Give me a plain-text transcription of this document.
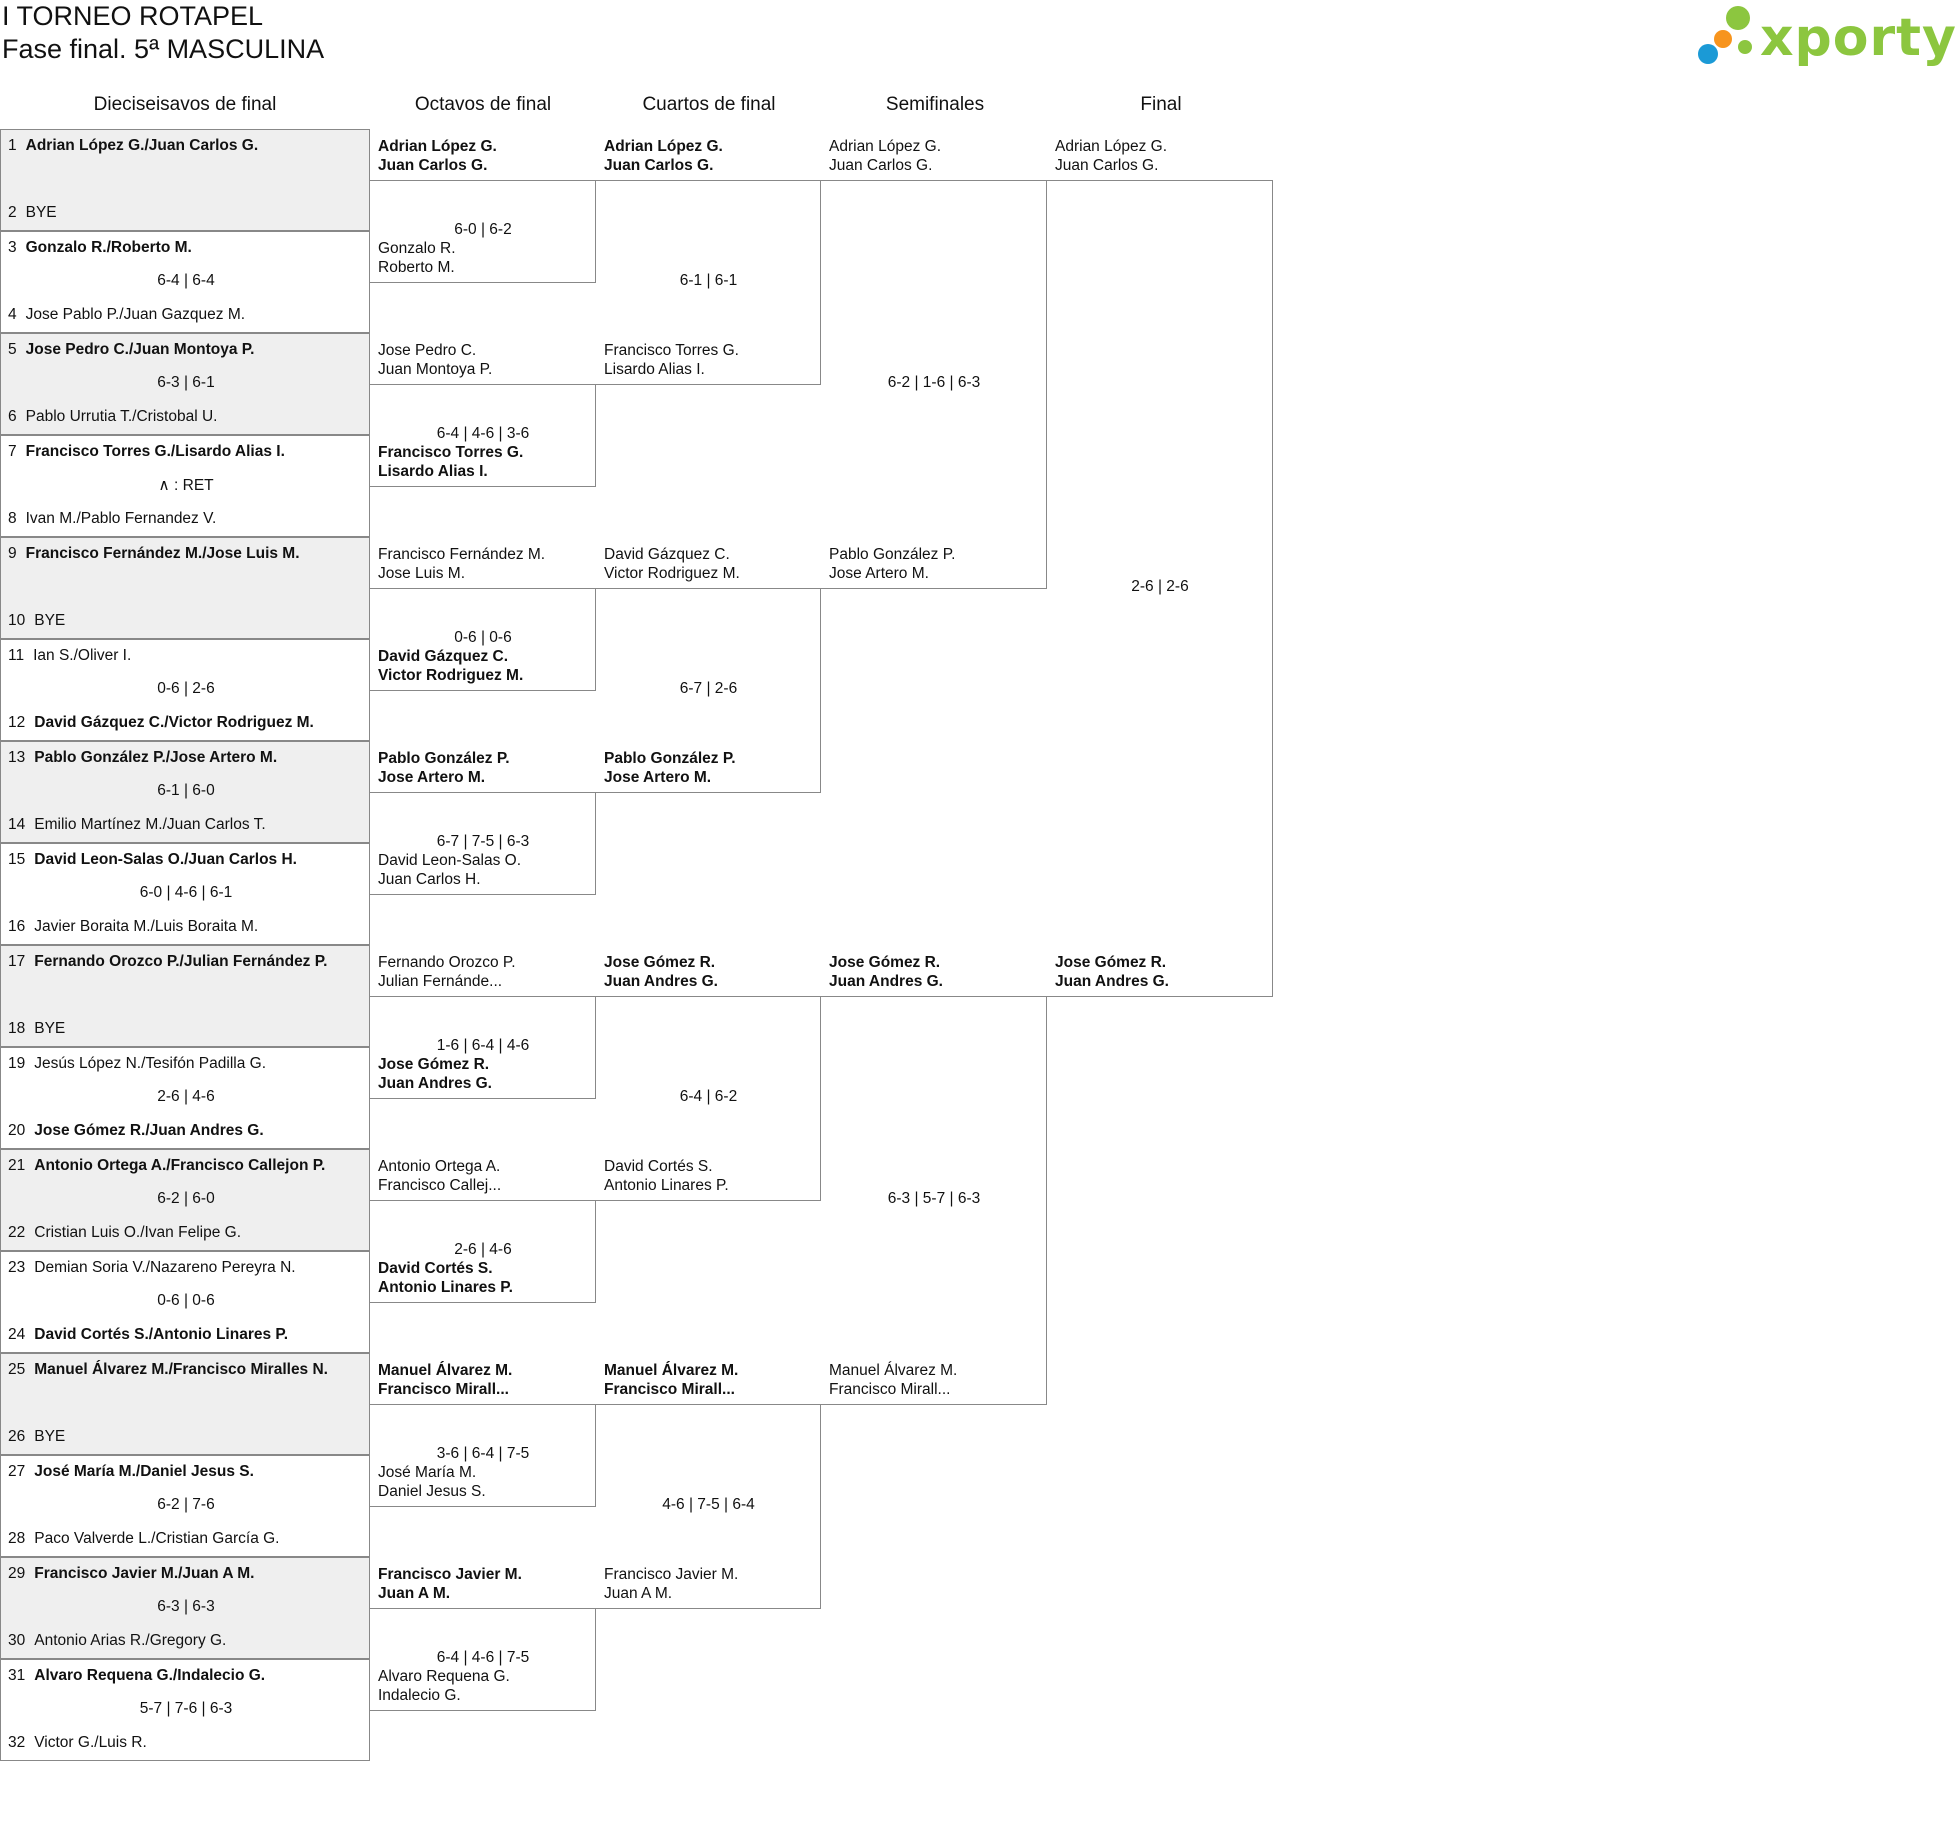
I TORNEO ROTAPEL
Fase final. 5ª MASCULINA	xporty
Dieciseisavos de final	Octavos de final	Cuartos de final	Semifinales	Final
1 Adrian López G./Juan Carlos G.
2 BYE
3 Gonzalo R./Roberto M.
6-4 | 6-4
4 Jose Pablo P./Juan Gazquez M.
5 Jose Pedro C./Juan Montoya P.
6-3 | 6-1
6 Pablo Urrutia T./Cristobal U.
7 Francisco Torres G./Lisardo Alias I.
∧ : RET
8 Ivan M./Pablo Fernandez V.
9 Francisco Fernández M./Jose Luis M.
10 BYE
11 Ian S./Oliver I.
0-6 | 2-6
12 David Gázquez C./Victor Rodriguez M.
13 Pablo González P./Jose Artero M.
6-1 | 6-0
14 Emilio Martínez M./Juan Carlos T.
15 David Leon-Salas O./Juan Carlos H.
6-0 | 4-6 | 6-1
16 Javier Boraita M./Luis Boraita M.
17 Fernando Orozco P./Julian Fernández P.
18 BYE
19 Jesús López N./Tesifón Padilla G.
2-6 | 4-6
20 Jose Gómez R./Juan Andres G.
21 Antonio Ortega A./Francisco Callejon P.
6-2 | 6-0
22 Cristian Luis O./Ivan Felipe G.
23 Demian Soria V./Nazareno Pereyra N.
0-6 | 0-6
24 David Cortés S./Antonio Linares P.
25 Manuel Álvarez M./Francisco Miralles N.
26 BYE
27 José María M./Daniel Jesus S.
6-2 | 7-6
28 Paco Valverde L./Cristian García G.
29 Francisco Javier M./Juan A M.
6-3 | 6-3
30 Antonio Arias R./Gregory G.
31 Alvaro Requena G./Indalecio G.
5-7 | 7-6 | 6-3
32 Victor G./Luis R.
Adrian López G.
Juan Carlos G.
Gonzalo R.
Roberto M.
6-0 | 6-2
Jose Pedro C.
Juan Montoya P.
Francisco Torres G.
Lisardo Alias I.
6-4 | 4-6 | 3-6
Francisco Fernández M.
Jose Luis M.
David Gázquez C.
Victor Rodriguez M.
0-6 | 0-6
Pablo González P.
Jose Artero M.
David Leon-Salas O.
Juan Carlos H.
6-7 | 7-5 | 6-3
Fernando Orozco P.
Julian Fernánde...
Jose Gómez R.
Juan Andres G.
1-6 | 6-4 | 4-6
Antonio Ortega A.
Francisco Callej...
David Cortés S.
Antonio Linares P.
2-6 | 4-6
Manuel Álvarez M.
Francisco Mirall...
José María M.
Daniel Jesus S.
3-6 | 6-4 | 7-5
Francisco Javier M.
Juan A M.
Alvaro Requena G.
Indalecio G.
6-4 | 4-6 | 7-5
Adrian López G.
Juan Carlos G.
Francisco Torres G.
Lisardo Alias I.
6-1 | 6-1
David Gázquez C.
Victor Rodriguez M.
Pablo González P.
Jose Artero M.
6-7 | 2-6
Jose Gómez R.
Juan Andres G.
David Cortés S.
Antonio Linares P.
6-4 | 6-2
Manuel Álvarez M.
Francisco Mirall...
Francisco Javier M.
Juan A M.
4-6 | 7-5 | 6-4
Adrian López G.
Juan Carlos G.
Pablo González P.
Jose Artero M.
6-2 | 1-6 | 6-3
Jose Gómez R.
Juan Andres G.
Manuel Álvarez M.
Francisco Mirall...
6-3 | 5-7 | 6-3
Adrian López G.
Juan Carlos G.
Jose Gómez R.
Juan Andres G.
2-6 | 2-6
